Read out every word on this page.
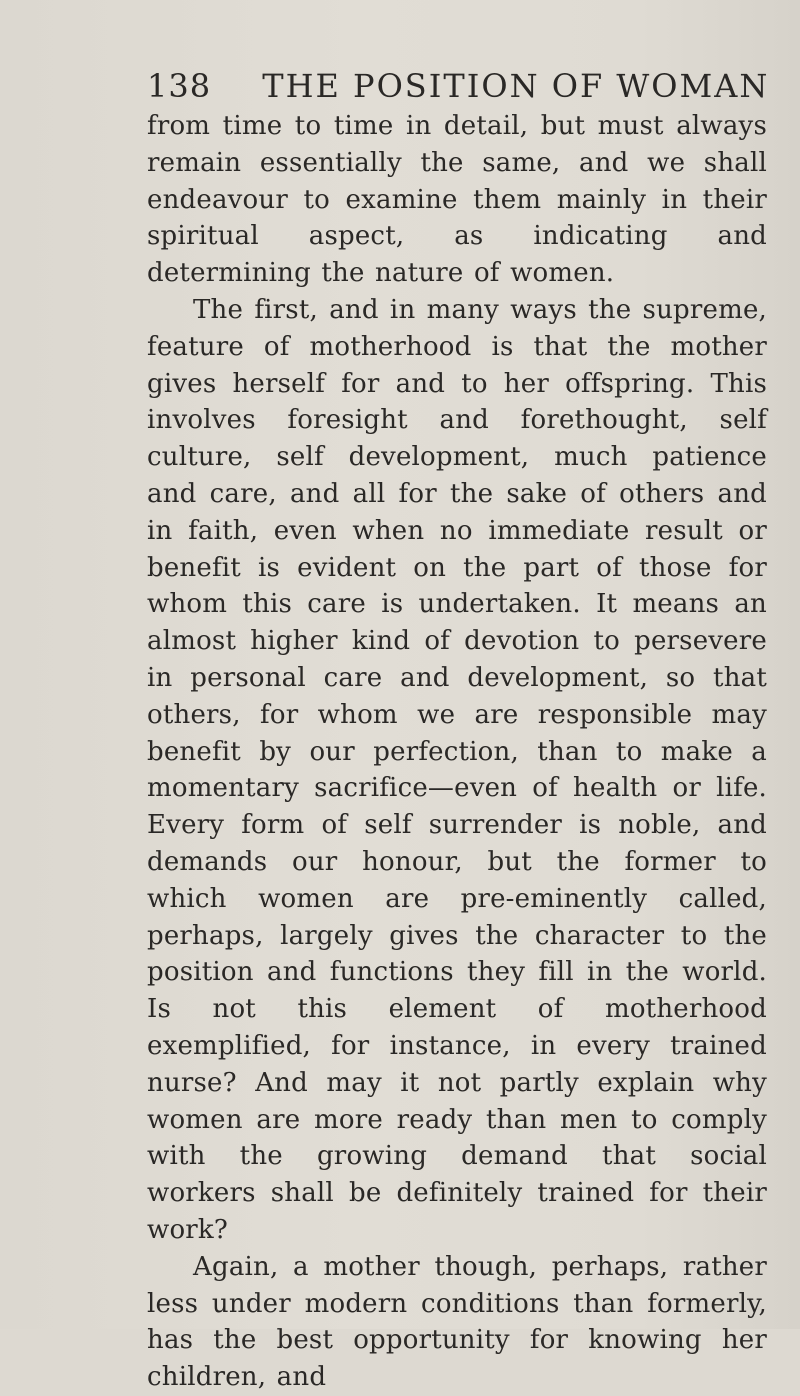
138 THE POSITION OF WOMAN

from time to time in detail, but must always remain essentially the same, and we shall endeavour to examine them mainly in their spiritual aspect, as indicating and determining the nature of women.

The first, and in many ways the supreme, feature of motherhood is that the mother gives herself for and to her offspring. This involves foresight and forethought, self culture, self development, much patience and care, and all for the sake of others and in faith, even when no immediate result or benefit is evident on the part of those for whom this care is undertaken. It means an almost higher kind of devotion to persevere in personal care and development, so that others, for whom we are responsible may benefit by our perfection, than to make a momentary sacrifice—even of health or life. Every form of self surrender is noble, and demands our honour, but the former to which women are pre-eminently called, perhaps, largely gives the character to the position and functions they fill in the world. Is not this element of motherhood exemplified, for instance, in every trained nurse? And may it not partly explain why women are more ready than men to comply with the growing demand that social workers shall be definitely trained for their work?

Again, a mother though, perhaps, rather less under modern conditions than formerly, has the best opportunity for knowing her children, and
